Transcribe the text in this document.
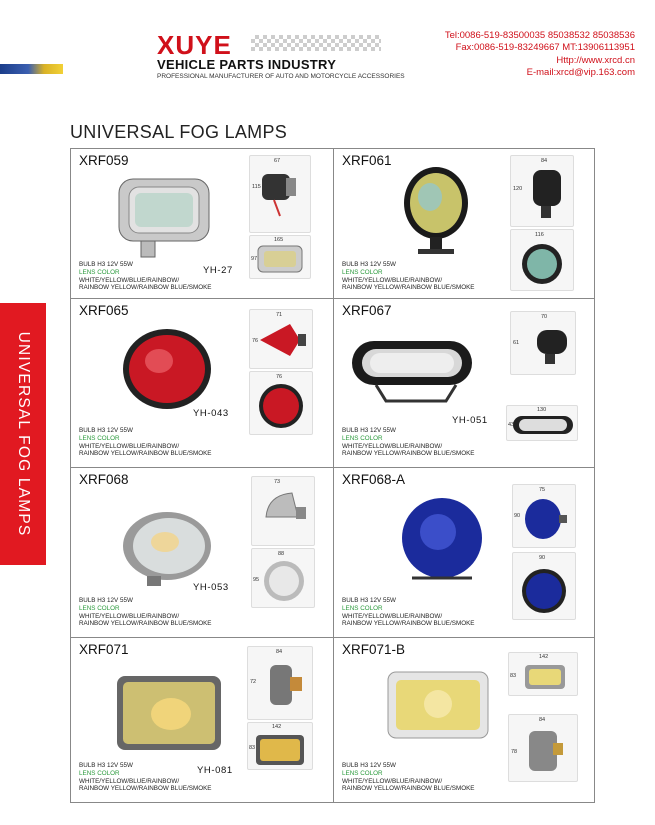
XUYE
VEHICLE PARTS INDUSTRY
PROFESSIONAL MANUFACTURER OF AUTO AND MOTORCYCLE ACCESSORIES
Tel:0086-519-83500035 85038532 85038536
Fax:0086-519-83249667 MT:13906113951
Http://www.xrcd.cn
E-mail:xrcd@vip.163.com
UNIVERSAL FOG LAMPS
UNIVERSAL FOG LAMPS
XRF059	67
115
165
97
YH-27
BULB H3 12V 55W
LENS COLOR
WHITE/YELLOW/BLUE/RAINBOW/
RAINBOW YELLOW/RAINBOW BLUE/SMOKE
XRF061	84
120
116
BULB H3 12V 55W
LENS COLOR
WHITE/YELLOW/BLUE/RAINBOW/
RAINBOW YELLOW/RAINBOW BLUE/SMOKE
XRF065	71
76
76
YH-043
BULB H3 12V 55W
LENS COLOR
WHITE/YELLOW/BLUE/RAINBOW/
RAINBOW YELLOW/RAINBOW BLUE/SMOKE
XRF067	70
61
130
43
YH-051
BULB H3 12V 55W
LENS COLOR
WHITE/YELLOW/BLUE/RAINBOW/
RAINBOW YELLOW/RAINBOW BLUE/SMOKE
XRF068	73
88
95
YH-053
BULB H3 12V 55W
LENS COLOR
WHITE/YELLOW/BLUE/RAINBOW/
RAINBOW YELLOW/RAINBOW BLUE/SMOKE
XRF068-A
75
90
90
BULB H3 12V 55W
LENS COLOR
WHITE/YELLOW/BLUE/RAINBOW/
RAINBOW YELLOW/RAINBOW BLUE/SMOKE
XRF071	84
72
142
83
YH-081
BULB H3 12V 55W
LENS COLOR
WHITE/YELLOW/BLUE/RAINBOW/
RAINBOW YELLOW/RAINBOW BLUE/SMOKE
XRF071-B	142
83
84
78
BULB H3 12V 55W
LENS COLOR
WHITE/YELLOW/BLUE/RAINBOW/
RAINBOW YELLOW/RAINBOW BLUE/SMOKE
